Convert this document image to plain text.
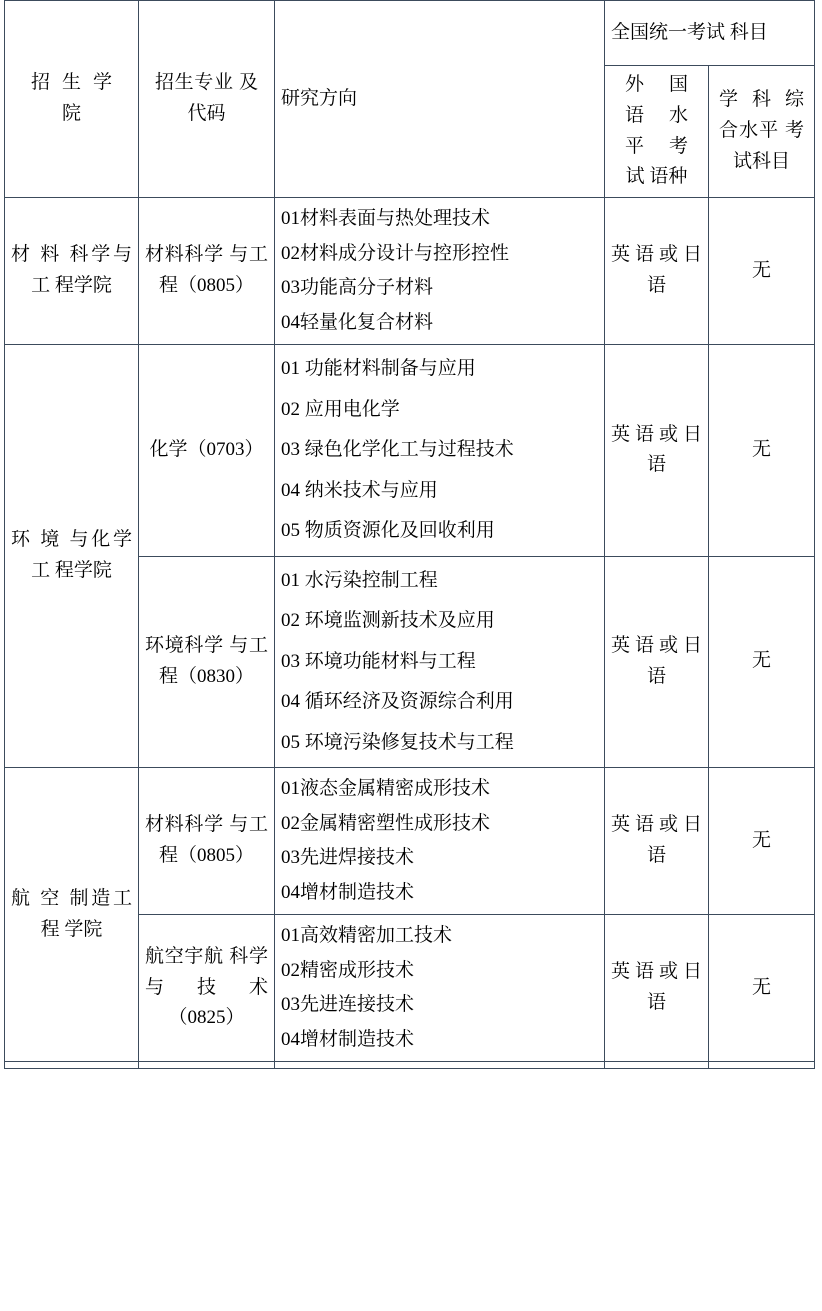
招 生 学院	招生专业 及代码	研究方向	全国统一考试 科目	
			外 国 语 水 平 考 试 语种	学 科 综合水平 考试科目
材 料 科学与工 程学院	材料科学 与工程（0805）	01材料表面与热处理技术

02材料成分设计与控形控性

03功能高分子材料

04轻量化复合材料	英 语 或 日 语	无
环 境 与化学工 程学院	化学（0703）	01 功能材料制备与应用

02 应用电化学

03 绿色化学化工与过程技术

04 纳米技术与应用

05 物质资源化及回收利用	英 语 或 日 语	无
	环境科学 与工程（0830）	01 水污染控制工程

02 环境监测新技术及应用

03 环境功能材料与工程

04 循环经济及资源综合利用

05 环境污染修复技术与工程	英 语 或 日 语	无
航 空 制造工程 学院	材料科学 与工程（0805）	01液态金属精密成形技术

02金属精密塑性成形技术

03先进焊接技术

04增材制造技术	英 语 或 日 语	无
	航空宇航 科学与技术 （0825）	01高效精密加工技术

02精密成形技术

03先进连接技术

04增材制造技术	英 语 或 日 语	无
